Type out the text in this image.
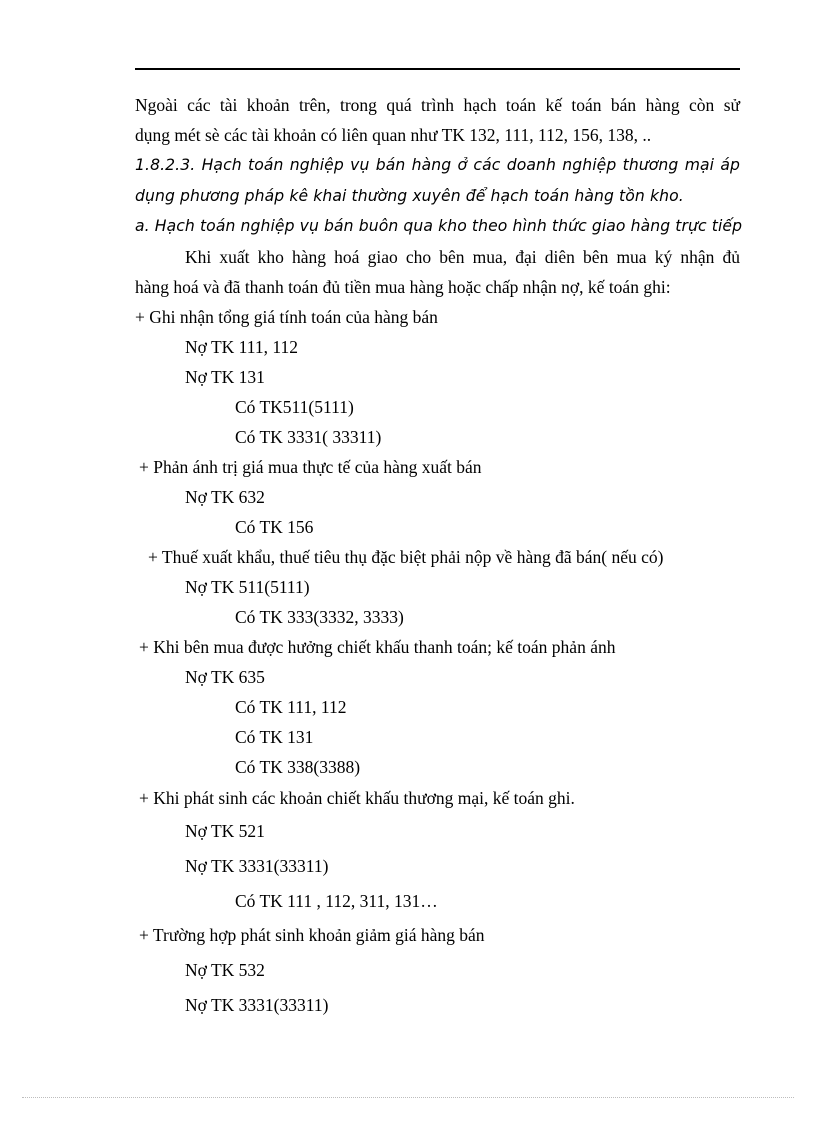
Ngoài các tài khoản trên, trong quá trình hạch toán kế toán bán hàng còn sử
dụng mét sè các tài khoản có liên quan như TK 132, 111, 112, 156, 138, ..
1.8.2.3. Hạch toán nghiệp vụ bán hàng ở các doanh nghiệp thương mại áp
dụng phương pháp kê khai thường xuyên để hạch toán hàng tồn kho.
a. Hạch toán nghiệp vụ bán buôn qua kho theo hình thức giao hàng trực tiếp
Khi xuất kho hàng hoá giao cho bên mua, đại diên bên mua ký nhận đủ
hàng hoá và đã thanh toán đủ tiền mua hàng hoặc chấp nhận nợ, kế toán ghi:
+ Ghi nhận tổng giá tính toán của hàng bán
Nợ TK 111, 112
Nợ TK 131
Có TK511(5111)
Có TK 3331( 33311)
+ Phản ánh trị giá mua thực tế của hàng xuất bán
Nợ TK 632
Có TK 156
+ Thuế xuất khẩu, thuế tiêu thụ đặc biệt phải nộp về hàng đã bán( nếu có)
Nợ TK 511(5111)
Có TK 333(3332, 3333)
+ Khi bên mua được hưởng chiết khấu thanh toán; kế toán phản ánh
Nợ TK 635
Có TK 111, 112
Có TK 131
Có TK 338(3388)
+ Khi phát sinh các khoản chiết khấu thương mại, kế toán ghi.
Nợ TK 521
Nợ TK 3331(33311)
Có TK 111 , 112, 311, 131…
+ Trường hợp phát sinh khoản giảm giá hàng bán
Nợ TK 532
Nợ TK 3331(33311)
